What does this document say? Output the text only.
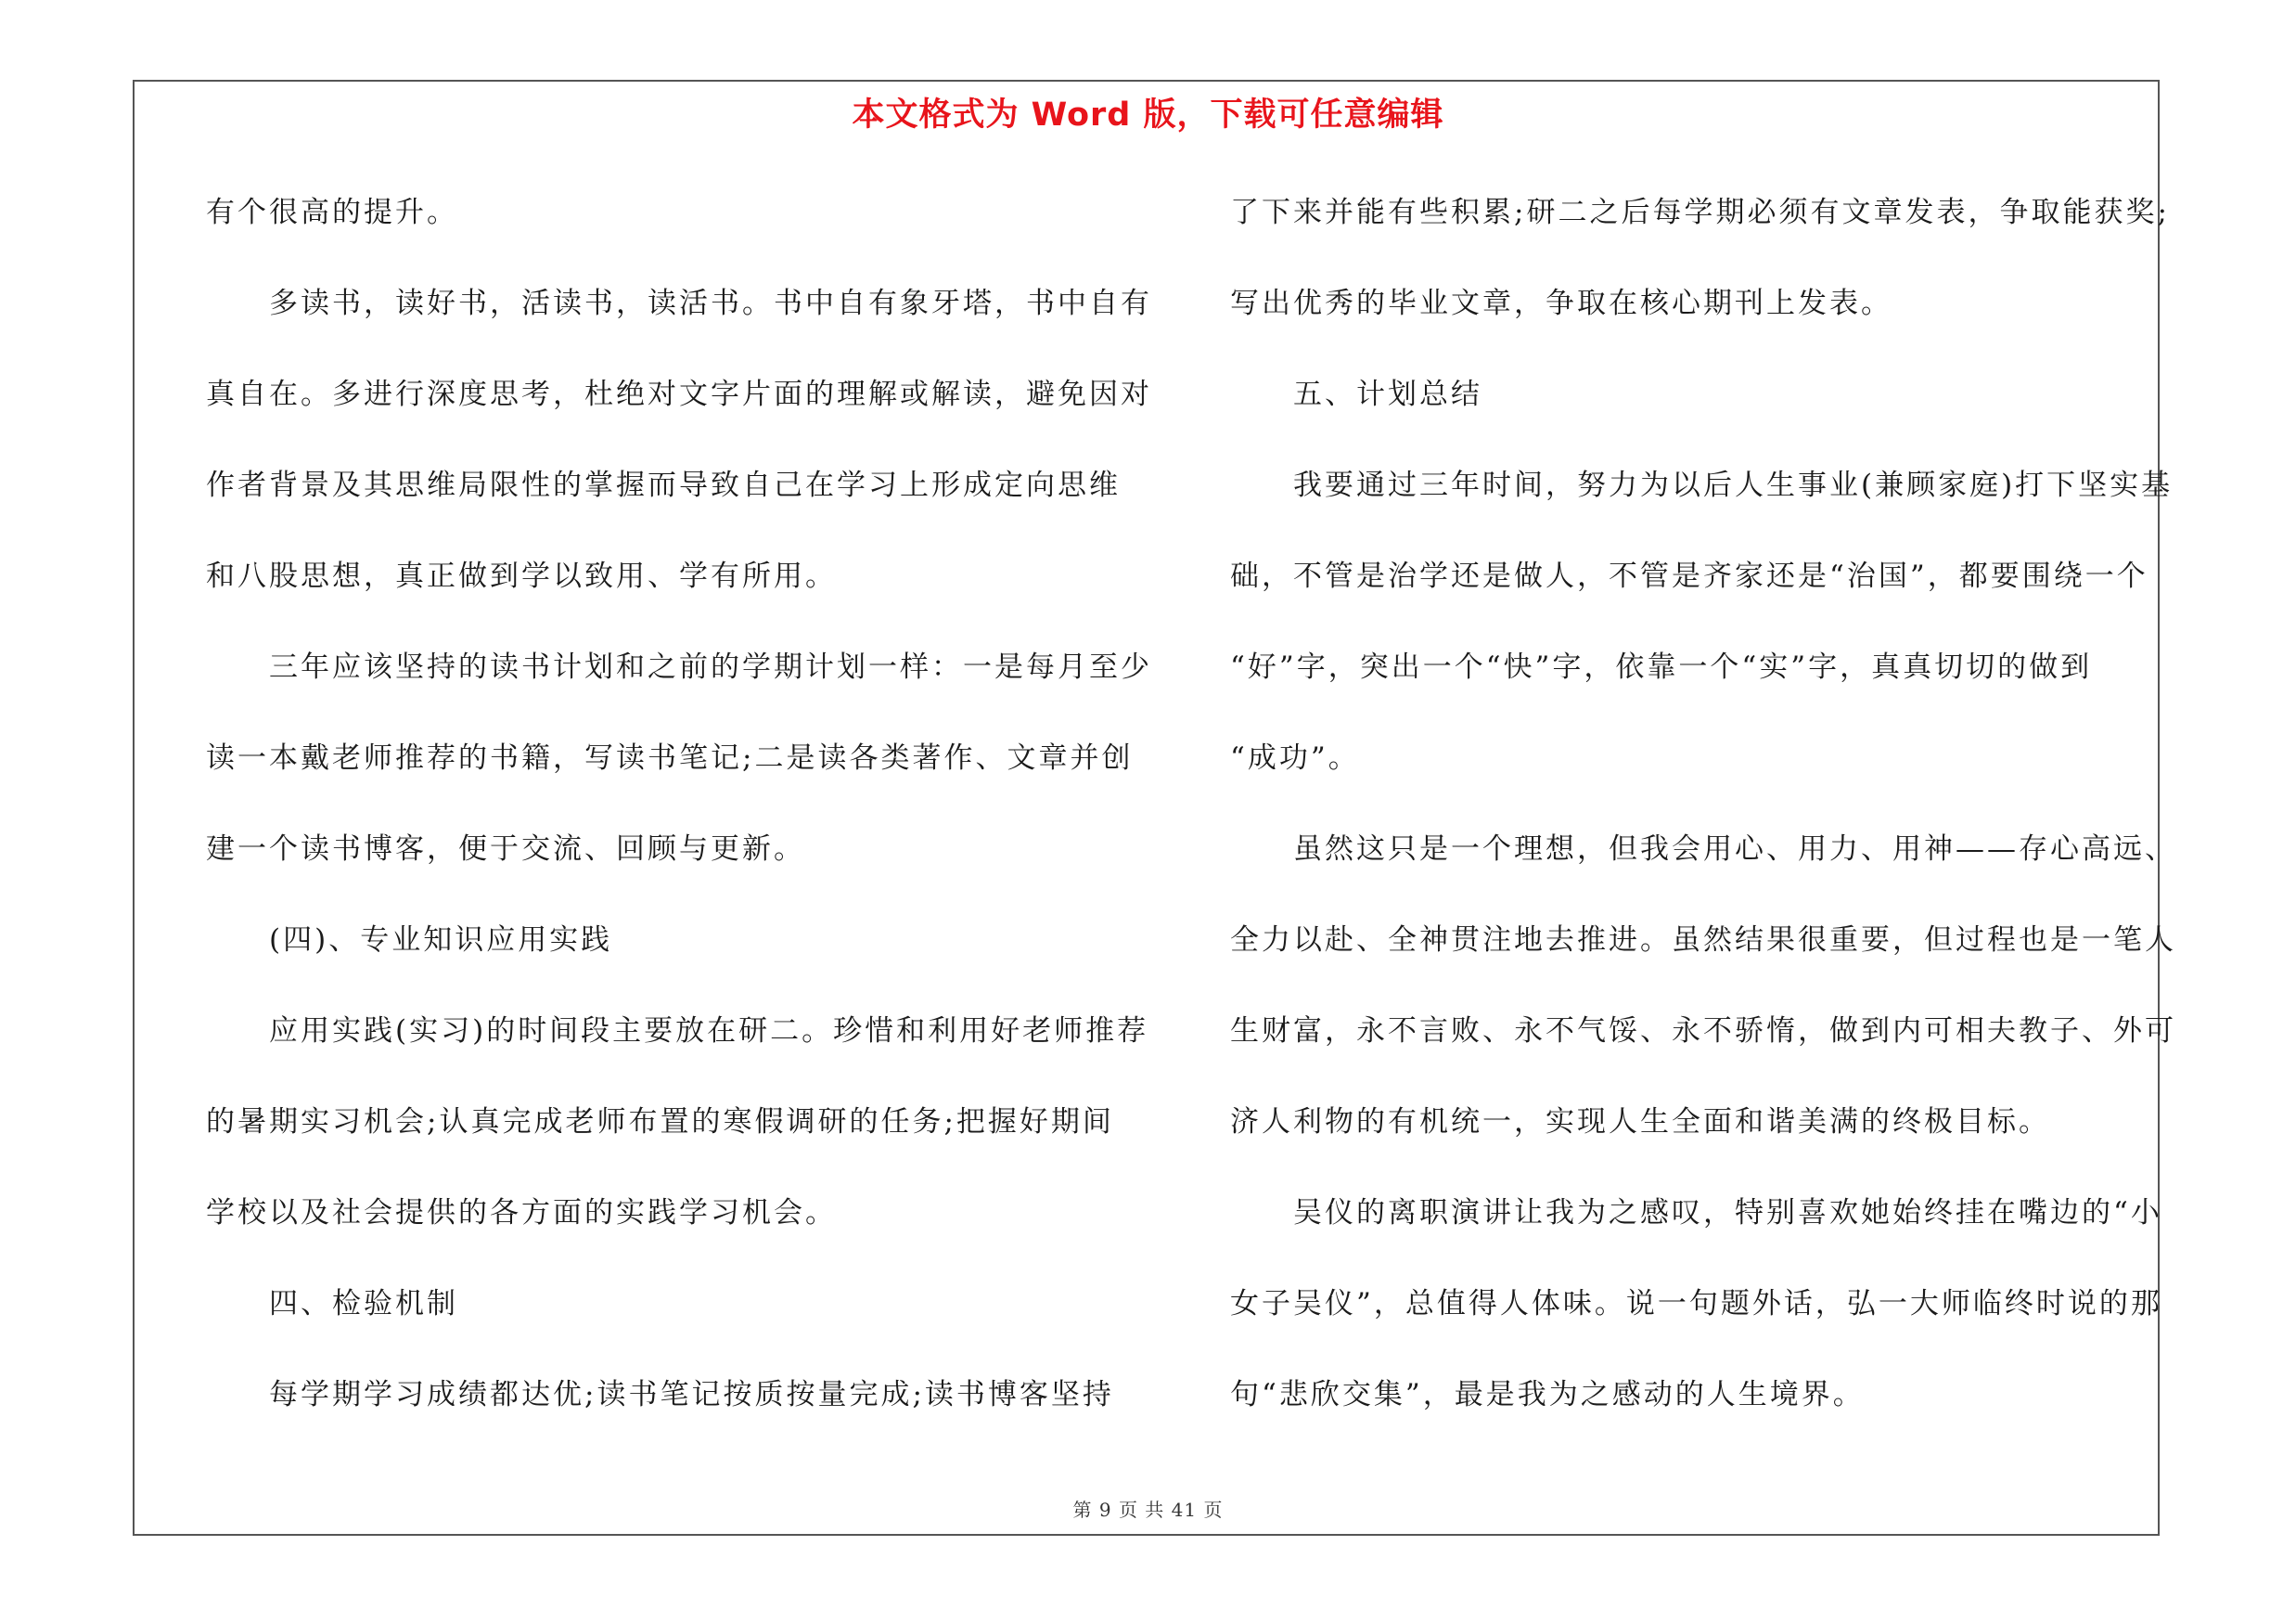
本文格式为 Word 版，下载可任意编辑
有个很高的提升。
　　多读书，读好书，活读书，读活书。书中自有象牙塔，书中自有
真自在。多进行深度思考，杜绝对文字片面的理解或解读，避免因对
作者背景及其思维局限性的掌握而导致自己在学习上形成定向思维
和八股思想，真正做到学以致用、学有所用。
　　三年应该坚持的读书计划和之前的学期计划一样：一是每月至少
读一本戴老师推荐的书籍，写读书笔记;二是读各类著作、文章并创
建一个读书博客，便于交流、回顾与更新。
　　(四)、专业知识应用实践
　　应用实践(实习)的时间段主要放在研二。珍惜和利用好老师推荐
的暑期实习机会;认真完成老师布置的寒假调研的任务;把握好期间
学校以及社会提供的各方面的实践学习机会。
　　四、检验机制
　　每学期学习成绩都达优;读书笔记按质按量完成;读书博客坚持
了下来并能有些积累;研二之后每学期必须有文章发表，争取能获奖;
写出优秀的毕业文章，争取在核心期刊上发表。
　　五、计划总结
　　我要通过三年时间，努力为以后人生事业(兼顾家庭)打下坚实基
础，不管是治学还是做人，不管是齐家还是“治国”，都要围绕一个
“好”字，突出一个“快”字，依靠一个“实”字，真真切切的做到
“成功”。
　　虽然这只是一个理想，但我会用心、用力、用神——存心高远、
全力以赴、全神贯注地去推进。虽然结果很重要，但过程也是一笔人
生财富，永不言败、永不气馁、永不骄惰，做到内可相夫教子、外可
济人利物的有机统一，实现人生全面和谐美满的终极目标。
　　吴仪的离职演讲让我为之感叹，特别喜欢她始终挂在嘴边的“小
女子吴仪”，总值得人体味。说一句题外话，弘一大师临终时说的那
句“悲欣交集”，最是我为之感动的人生境界。
第 9 页 共 41 页
